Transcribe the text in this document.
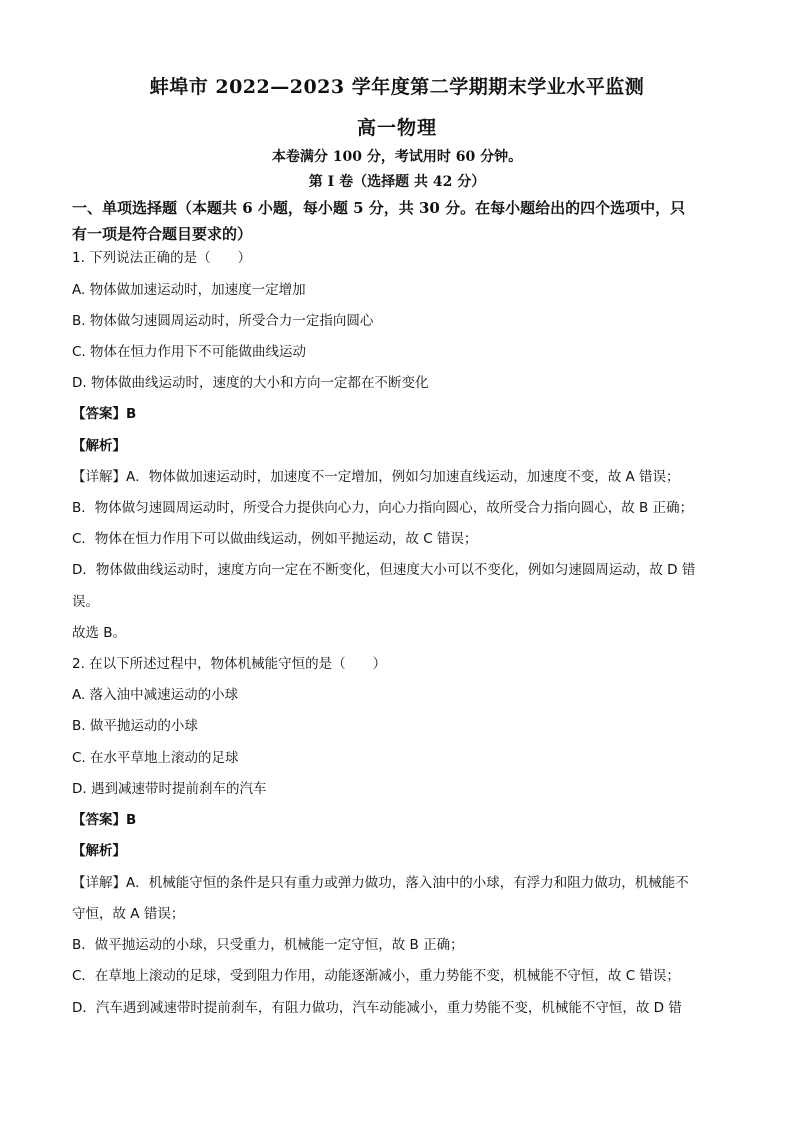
蚌埠市 2022—2023 学年度第二学期期末学业水平监测
高一物理
本卷满分 100 分，考试用时 60 分钟。
第 I 卷（选择题 共 42 分）
一、单项选择题（本题共 6 小题，每小题 5 分，共 30 分。在每小题给出的四个选项中，只
有一项是符合题目要求的）
1. 下列说法正确的是（　　）
A. 物体做加速运动时，加速度一定增加
B. 物体做匀速圆周运动时，所受合力一定指向圆心
C. 物体在恒力作用下不可能做曲线运动
D. 物体做曲线运动时，速度的大小和方向一定都在不断变化
【答案】B
【解析】
【详解】A．物体做加速运动时，加速度不一定增加，例如匀加速直线运动，加速度不变，故 A 错误；
B．物体做匀速圆周运动时，所受合力提供向心力，向心力指向圆心，故所受合力指向圆心，故 B 正确；
C．物体在恒力作用下可以做曲线运动，例如平抛运动，故 C 错误；
D．物体做曲线运动时，速度方向一定在不断变化，但速度大小可以不变化，例如匀速圆周运动，故 D 错
误。
故选 B。
2. 在以下所述过程中，物体机械能守恒的是（　　）
A. 落入油中减速运动的小球
B. 做平抛运动的小球
C. 在水平草地上滚动的足球
D. 遇到减速带时提前刹车的汽车
【答案】B
【解析】
【详解】A．机械能守恒的条件是只有重力或弹力做功，落入油中的小球，有浮力和阻力做功，机械能不
守恒，故 A 错误；
B．做平抛运动的小球，只受重力，机械能一定守恒，故 B 正确；
C．在草地上滚动的足球，受到阻力作用，动能逐渐减小，重力势能不变，机械能不守恒，故 C 错误；
D．汽车遇到减速带时提前刹车，有阻力做功，汽车动能减小，重力势能不变，机械能不守恒，故 D 错
